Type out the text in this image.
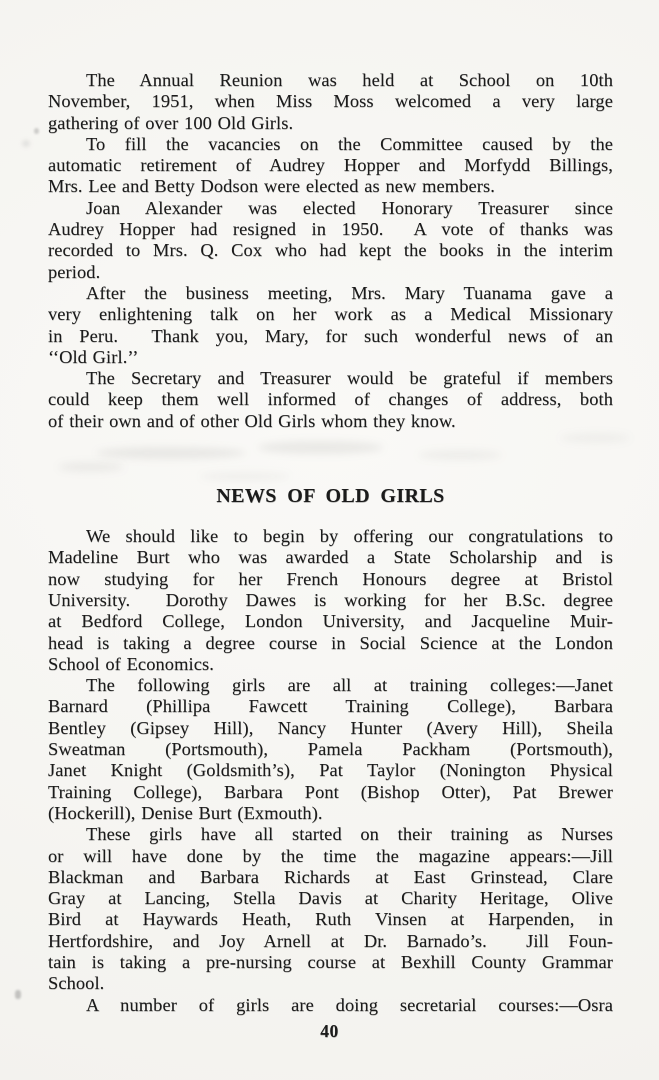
The Annual Reunion was held at School on 10th
November, 1951, when Miss Moss welcomed a very large
gathering of over 100 Old Girls.

To fill the vacancies on the Committee caused by the
automatic retirement of Audrey Hopper and Morfydd Billings,
Mrs. Lee and Betty Dodson were elected as new members.

Joan Alexander was elected Honorary Treasurer since
Audrey Hopper had resigned in 1950.  A vote of thanks was
recorded to Mrs. Q. Cox who had kept the books in the interim
period.

After the business meeting, Mrs. Mary Tuanama gave a
very enlightening talk on her work as a Medical Missionary
in Peru.  Thank you, Mary, for such wonderful news of an
‘‘Old Girl.’’

The Secretary and Treasurer would be grateful if members
could keep them well informed of changes of address, both
of their own and of other Old Girls whom they know.

NEWS OF OLD GIRLS

We should like to begin by offering our congratulations to
Madeline Burt who was awarded a State Scholarship and is
now studying for her French Honours degree at Bristol
University.  Dorothy Dawes is working for her B.Sc. degree
at Bedford College, London University, and Jacqueline Muir-
head is taking a degree course in Social Science at the London
School of Economics.

The following girls are all at training colleges:—Janet
Barnard (Phillipa Fawcett Training College), Barbara
Bentley (Gipsey Hill), Nancy Hunter (Avery Hill), Sheila
Sweatman (Portsmouth), Pamela Packham (Portsmouth),
Janet Knight (Goldsmith’s), Pat Taylor (Nonington Physical
Training College), Barbara Pont (Bishop Otter), Pat Brewer
(Hockerill), Denise Burt (Exmouth).

These girls have all started on their training as Nurses
or will have done by the time the magazine appears:—Jill
Blackman and Barbara Richards at East Grinstead, Clare
Gray at Lancing, Stella Davis at Charity Heritage, Olive
Bird at Haywards Heath, Ruth Vinsen at Harpenden, in
Hertfordshire, and Joy Arnell at Dr. Barnado’s.  Jill Foun-
tain is taking a pre-nursing course at Bexhill County Grammar
School.

A number of girls are doing secretarial courses:—Osra

40
